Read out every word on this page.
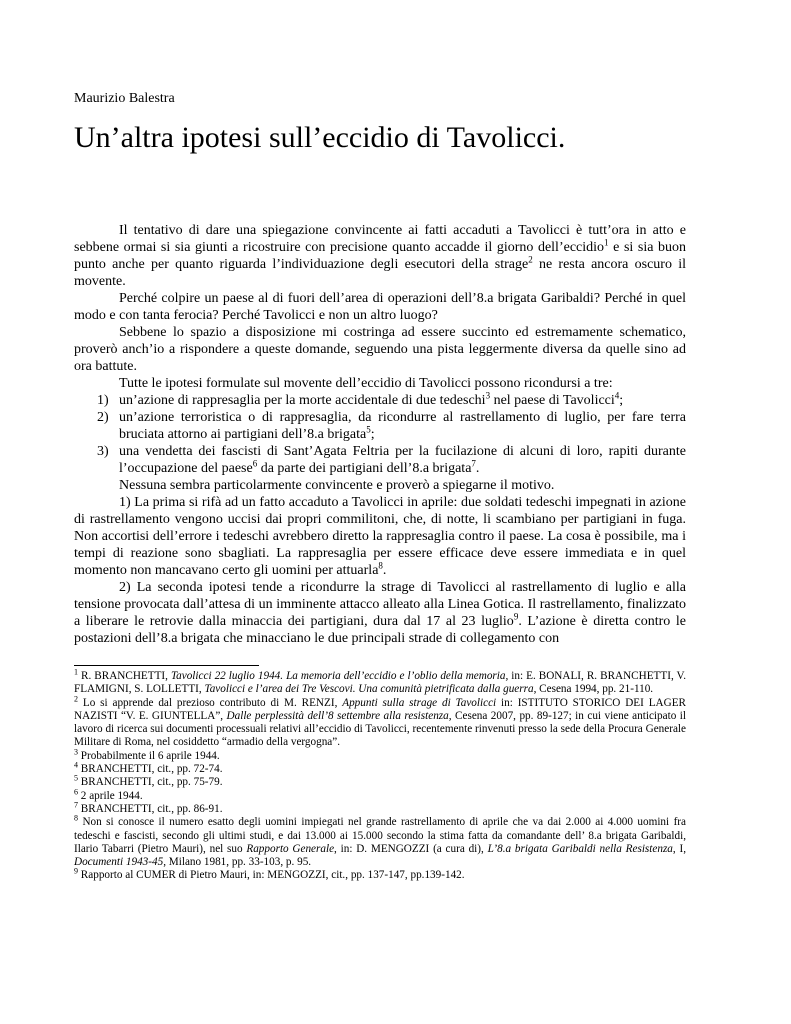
Maurizio Balestra

Un’altra ipotesi sull’eccidio di Tavolicci.

Il tentativo di dare una spiegazione convincente ai fatti accaduti a Tavolicci è tutt’ora in atto e sebbene ormai si sia giunti a ricostruire con precisione quanto accadde il giorno dell’eccidio$^1$ e si sia buon punto anche per quanto riguarda l’individuazione degli esecutori della strage$^2$ ne resta ancora oscuro il movente.

Perché colpire un paese al di fuori dell’area di operazioni dell’8.a brigata Garibaldi? Perché in quel modo e con tanta ferocia? Perché Tavolicci e non un altro luogo?

Sebbene lo spazio a disposizione mi costringa ad essere succinto ed estremamente schematico, proverò anch’io a rispondere a queste domande, seguendo una pista leggermente diversa da quelle sino ad ora battute.

Tutte le ipotesi formulate sul movente dell’eccidio di Tavolicci possono ricondursi a tre:

1) un’azione di rappresaglia per la morte accidentale di due tedeschi$^3$ nel paese di Tavolicci$^4$;
2) un’azione terroristica o di rappresaglia, da ricondurre al rastrellamento di luglio, per fare terra bruciata attorno ai partigiani dell’8.a brigata$^5$;
3) una vendetta dei fascisti di Sant’Agata Feltria per la fucilazione di alcuni di loro, rapiti durante l’occupazione del paese$^6$ da parte dei partigiani dell’8.a brigata$^7$.

Nessuna sembra particolarmente convincente e proverò a spiegarne il motivo.

1) La prima si rifà ad un fatto accaduto a Tavolicci in aprile: due soldati tedeschi impegnati in azione di rastrellamento vengono uccisi dai propri commilitoni, che, di notte, li scambiano per partigiani in fuga. Non accortisi dell’errore i tedeschi avrebbero diretto la rappresaglia contro il paese. La cosa è possibile, ma i tempi di reazione sono sbagliati. La rappresaglia per essere efficace deve essere immediata e in quel momento non mancavano certo gli uomini per attuarla$^8$.

2) La seconda ipotesi tende a ricondurre la strage di Tavolicci al rastrellamento di luglio e alla tensione provocata dall’attesa di un imminente attacco alleato alla Linea Gotica. Il rastrellamento, finalizzato a liberare le retrovie dalla minaccia dei partigiani, dura dal 17 al 23 luglio$^9$. L’azione è diretta contro le postazioni dell’8.a brigata che minacciano le due principali strade di collegamento con

$^1$ R. BRANCHETTI, Tavolicci 22 luglio 1944. La memoria dell’eccidio e l’oblio della memoria, in: E. BONALI, R. BRANCHETTI, V. FLAMIGNI, S. LOLLETTI, Tavolicci e l’area dei Tre Vescovi. Una comunità pietrificata dalla guerra, Cesena 1994, pp. 21-110.

$^2$ Lo si apprende dal prezioso contributo di M. RENZI, Appunti sulla strage di Tavolicci in: ISTITUTO STORICO DEI LAGER NAZISTI “V. E. GIUNTELLA”, Dalle perplessità dell’8 settembre alla resistenza, Cesena 2007, pp. 89-127; in cui viene anticipato il lavoro di ricerca sui documenti processuali relativi all’eccidio di Tavolicci, recentemente rinvenuti presso la sede della Procura Generale Militare di Roma, nel cosiddetto “armadio della vergogna”.

$^3$ Probabilmente il 6 aprile 1944.

$^4$ BRANCHETTI, cit., pp. 72-74.

$^5$ BRANCHETTI, cit., pp. 75-79.

$^6$ 2 aprile 1944.

$^7$ BRANCHETTI, cit., pp. 86-91.

$^8$ Non si conosce il numero esatto degli uomini impiegati nel grande rastrellamento di aprile che va dai 2.000 ai 4.000 uomini fra tedeschi e fascisti, secondo gli ultimi studi, e dai 13.000 ai 15.000 secondo la stima fatta da comandante dell’ 8.a brigata Garibaldi, Ilario Tabarri (Pietro Mauri), nel suo Rapporto Generale, in: D. MENGOZZI (a cura di), L’8.a brigata Garibaldi nella Resistenza, I, Documenti 1943-45, Milano 1981, pp. 33-103, p. 95.

$^9$ Rapporto al CUMER di Pietro Mauri, in: MENGOZZI, cit., pp. 137-147, pp.139-142.
